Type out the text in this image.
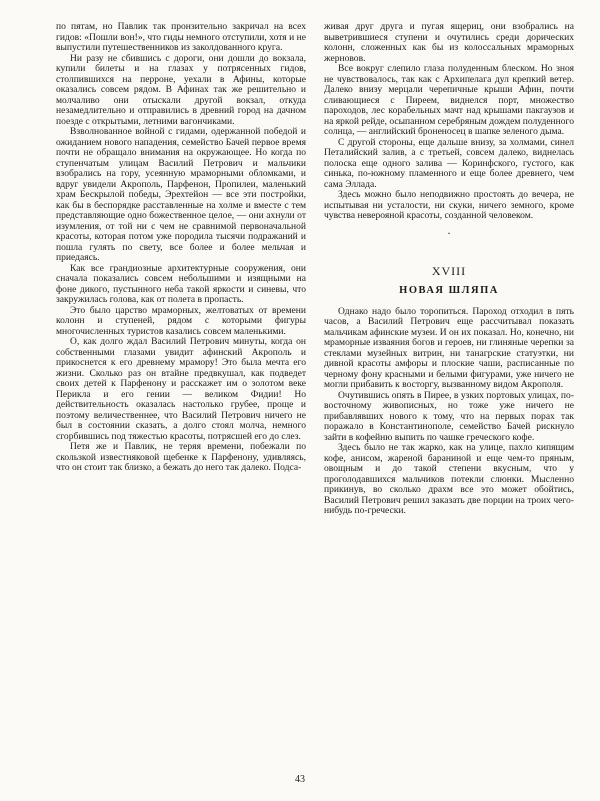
по пятам, но Павлик так пронзительно закричал на всех гидов: «Пошли вон!», что гиды немного отступили, хотя и не выпустили путешественников из заколдованного круга.

Ни разу не сбившись с дороги, они дошли до вокзала, купили билеты и на глазах у потрясенных гидов, столпившихся на перроне, уехали в Афины, которые оказались совсем рядом. В Афинах так же решительно и молчаливо они отыскали другой вокзал, откуда незамедлительно и отправились в древний город на дачном поезде с открытыми, летними вагончиками.

Взволнованное войной с гидами, одержанной победой и ожиданием нового нападения, семейство Бачей первое время почти не обращало внимания на окружающее. Но когда по ступенчатым улицам Василий Петрович и мальчики взобрались на гору, усеянную мраморными обломками, и вдруг увидели Акрополь, Парфенон, Пропилеи, маленький храм Бескрылой победы, Эрехтейон — все эти постройки, как бы в беспорядке расставленные на холме и вместе с тем представляющие одно божественное целое, — они ахнули от изумления, от той ни с чем не сравнимой первоначальной красоты, которая потом уже породила тысячи подражаний и пошла гулять по свету, все более и более мельчая и приедаясь.

Как все грандиозные архитектурные сооружения, они сначала показались совсем небольшими и изящными на фоне дикого, пустынного неба такой яркости и синевы, что закружилась голова, как от полета в пропасть.

Это было царство мраморных, желтоватых от времени колонн и ступеней, рядом с которыми фигуры многочисленных туристов казались совсем маленькими.

О, как долго ждал Василий Петрович минуты, когда он собственными глазами увидит афинский Акрополь и прикоснется к его древнему мрамору! Это была мечта его жизни. Сколько раз он втайне предвкушал, как подведет своих детей к Парфенону и расскажет им о золотом веке Перикла и его гении — великом Фидии! Но действительность оказалась настолько грубее, проще и поэтому величественнее, что Василий Петрович ничего не был в состоянии сказать, а долго стоял молча, немного сгорбившись под тяжестью красоты, потрясшей его до слез.

Петя же и Павлик, не теряя времени, побежали по скользкой известняковой щебенке к Парфенону, удивляясь, что он стоит так близко, а бежать до него так далеко. Подса-

живая друг друга и пугая ящериц, они взобрались на выветрившиеся ступени и очутились среди дорических колонн, сложенных как бы из колоссальных мраморных жерновов.

Все вокруг слепило глаза полуденным блеском. Но зноя не чувствовалось, так как с Архипелага дул крепкий ветер. Далеко внизу мерцали черепичные крыши Афин, почти сливающиеся с Пиреем, виднелся порт, множество пароходов, лес корабельных мачт над крышами пакгаузов и на яркой рейде, осыпанном серебряным дождем полуденного солнца, — английский броненосец в шапке зеленого дыма.

С другой стороны, еще дальше внизу, за холмами, синел Петалийский залив, а с третьей, совсем далеко, виднелась полоска еще одного залива — Коринфского, густого, как синька, по-южному пламенного и еще более древнего, чем сама Эллада.

Здесь можно было неподвижно простоять до вечера, не испытывая ни усталости, ни скуки, ничего земного, кроме чувства неверояной красоты, созданной человеком.

·
XVIII
НОВАЯ ШЛЯПА

Однако надо было торопиться. Пароход отходил в пять часов, а Василий Петрович еще рассчитывал показать мальчикам афинские музеи. И он их показал. Но, конечно, ни мраморные изваяния богов и героев, ни глиняные черепки за стеклами музейных витрин, ни танагрские статуэтки, ни дивной красоты амфоры и плоские чаши, расписанные по черному фону красными и белыми фигурами, уже ничего не могли прибавить к восторгу, вызванному видом Акрополя.

Очутившись опять в Пирее, в узких портовых улицах, по-восточному живописных, но тоже уже ничего не прибавлявших нового к тому, что на первых порах так поражало в Константинополе, семейство Бачей рискнуло зайти в кофейню выпить по чашке греческого кофе.

Здесь было не так жарко, как на улице, пахло кипящим кофе, анисом, жареной бараниной и еще чем-то пряным, овощным и до такой степени вкусным, что у проголодавшихся мальчиков потекли слюнки. Мысленно прикинув, во сколько драхм все это может обойтись, Василий Петрович решил заказать две порции на троих чего-нибудь по-гречески.

43
